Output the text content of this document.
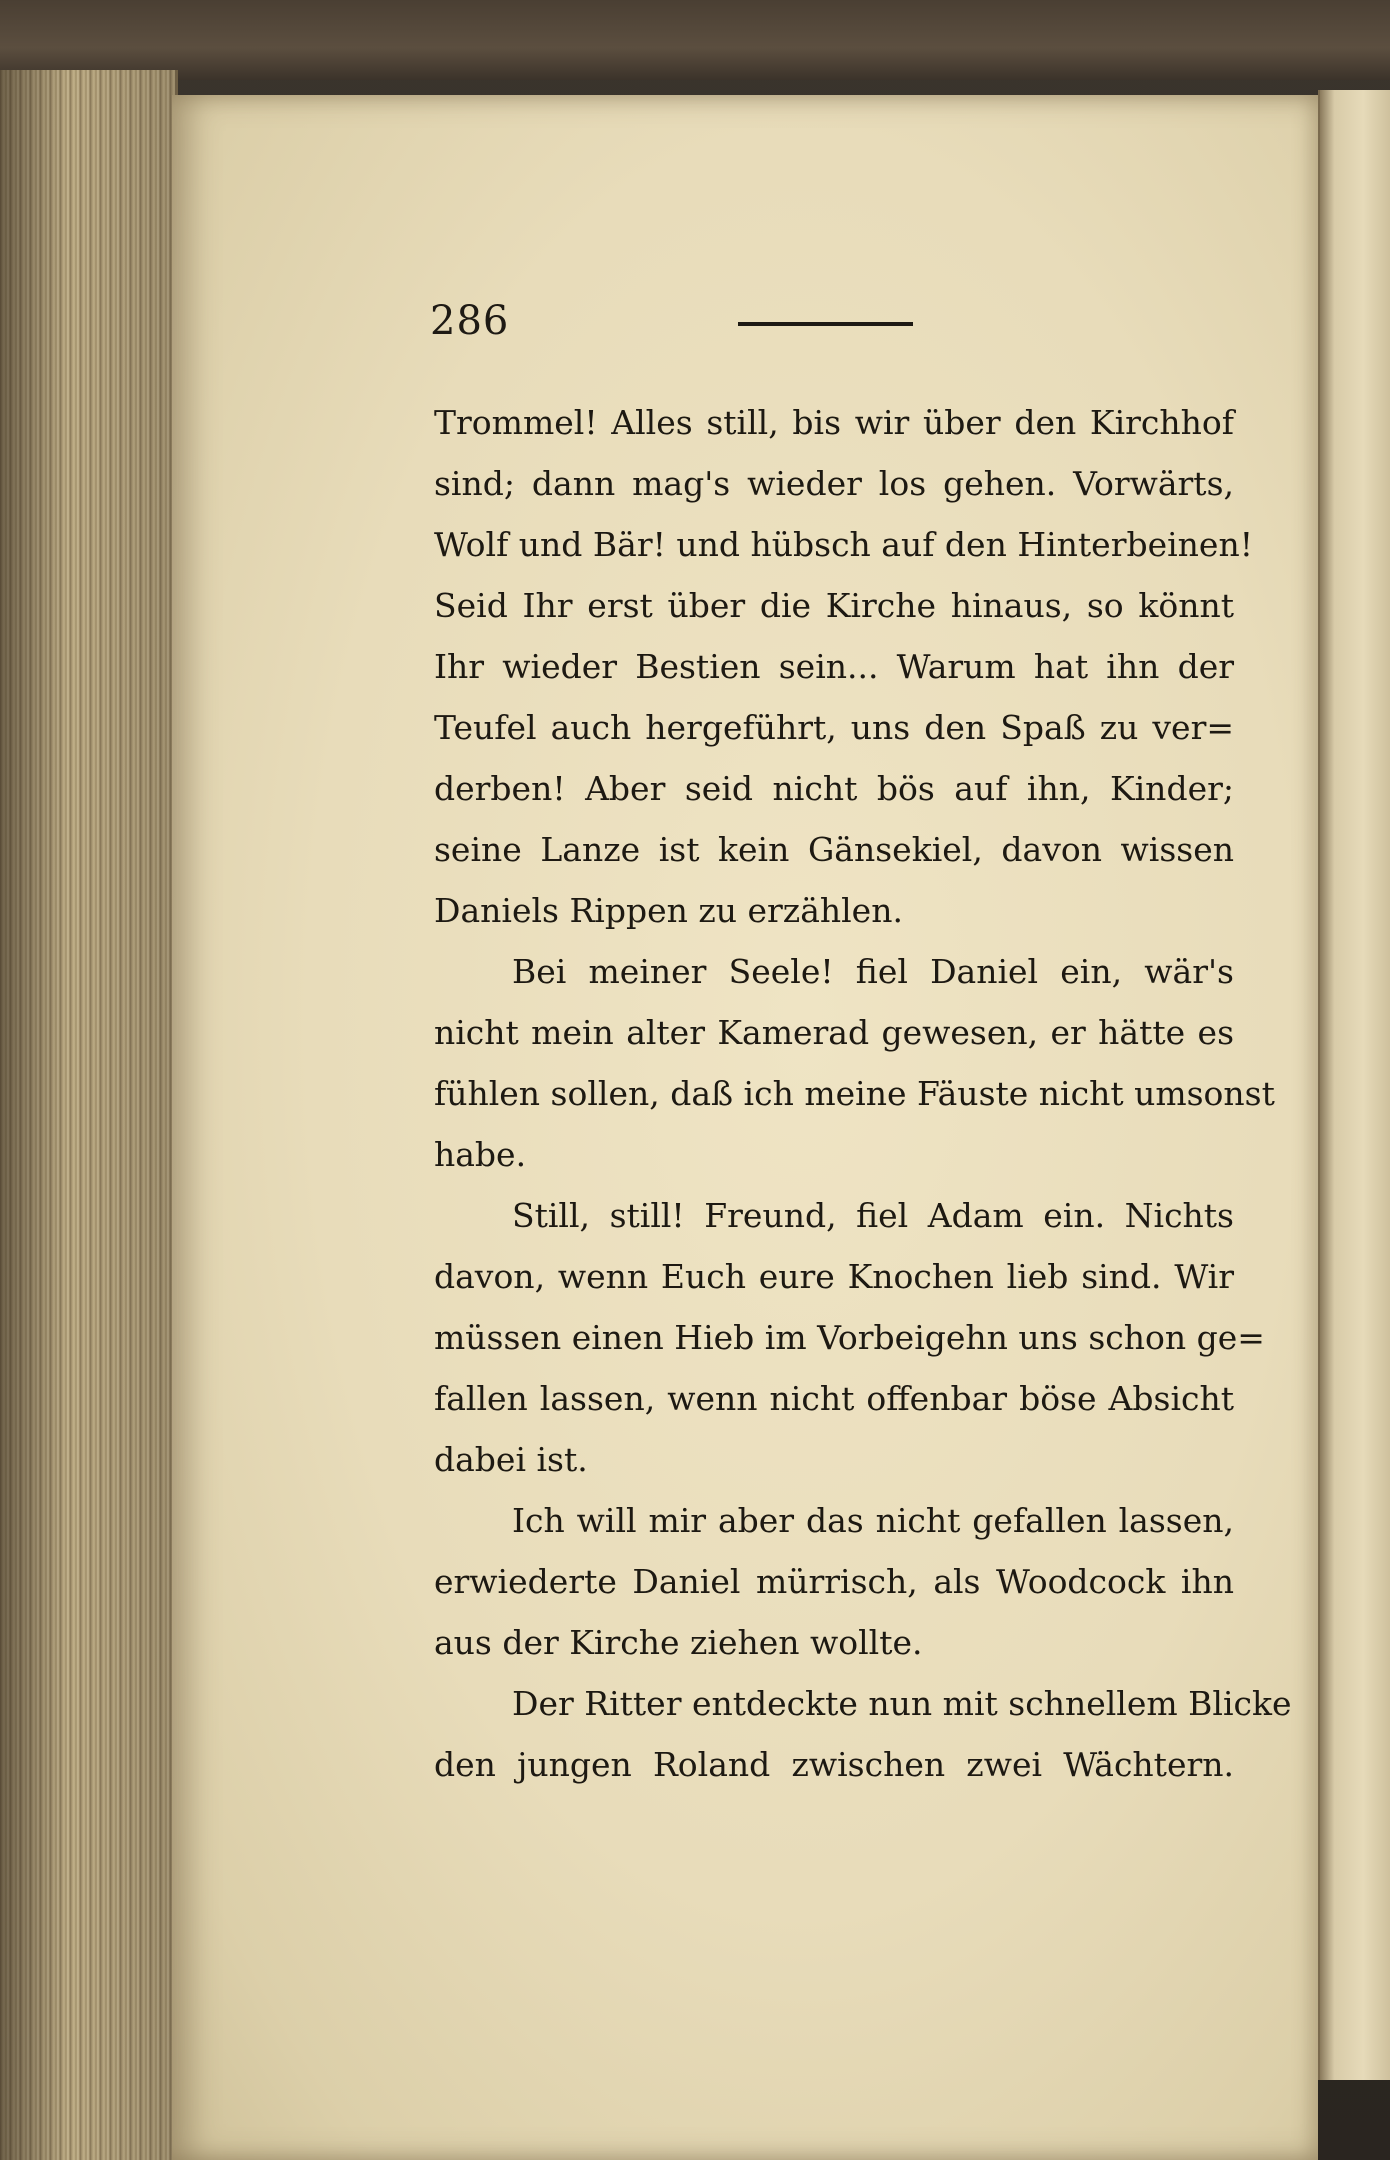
286
Trommel! Alles still, bis wir über den Kirchhof
sind; dann mag's wieder los gehen. Vorwärts,
Wolf und Bär! und hübsch auf den Hinterbeinen!
Seid Ihr erst über die Kirche hinaus, so könnt
Ihr wieder Bestien sein... Warum hat ihn der
Teufel auch hergeführt, uns den Spaß zu ver=
derben! Aber seid nicht bös auf ihn, Kinder;
seine Lanze ist kein Gänsekiel, davon wissen
Daniels Rippen zu erzählen.
Bei meiner Seele! fiel Daniel ein, wär's
nicht mein alter Kamerad gewesen, er hätte es
fühlen sollen, daß ich meine Fäuste nicht umsonst
habe.
Still, still! Freund, fiel Adam ein. Nichts
davon, wenn Euch eure Knochen lieb sind. Wir
müssen einen Hieb im Vorbeigehn uns schon ge=
fallen lassen, wenn nicht offenbar böse Absicht
dabei ist.
Ich will mir aber das nicht gefallen lassen,
erwiederte Daniel mürrisch, als Woodcock ihn
aus der Kirche ziehen wollte.
Der Ritter entdeckte nun mit schnellem Blicke
den jungen Roland zwischen zwei Wächtern.
